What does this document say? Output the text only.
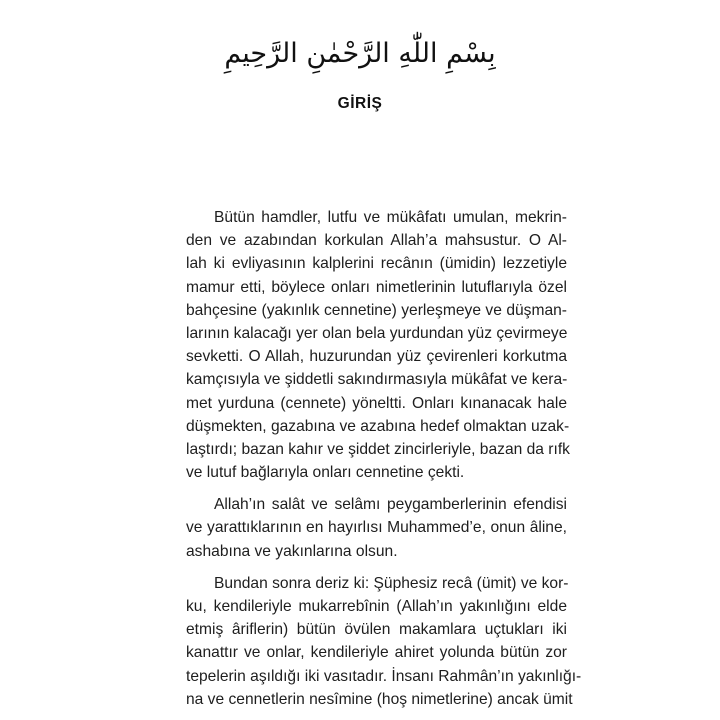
بِسْمِ اللّٰهِ الرَّحْمٰنِ الرَّحِيمِ
GİRİŞ

Bütün hamdler, lutfu ve mükâfatı umulan, mekrin-
den ve azabından korkulan Allah’a mahsustur. O Al-
lah ki evliyasının kalplerini recânın (ümidin) lezzetiyle
mamur etti, böylece onları nimetlerinin lutuflarıyla özel
bahçesine (yakınlık cennetine) yerleşmeye ve düşman-
larının kalacağı yer olan bela yurdundan yüz çevirmeye
sevketti. O Allah, huzurundan yüz çevirenleri korkutma
kamçısıyla ve şiddetli sakındırmasıyla mükâfat ve kera-
met yurduna (cennete) yöneltti. Onları kınanacak hale
düşmekten, gazabına ve azabına hedef olmaktan uzak-
laştırdı; bazan kahır ve şiddet zincirleriyle, bazan da rıfk
ve lutuf bağlarıyla onları cennetine çekti.

Allah’ın salât ve selâmı peygamberlerinin efendisi
ve yarattıklarının en hayırlısı Muhammed’e, onun âline,
ashabına ve yakınlarına olsun.

Bundan sonra deriz ki: Şüphesiz recâ (ümit) ve kor-
ku, kendileriyle mukarrebînin (Allah’ın yakınlığını elde
etmiş âriflerin) bütün övülen makamlara uçtukları iki
kanattır ve onlar, kendileriyle ahiret yolunda bütün zor
tepelerin aşıldığı iki vasıtadır. İnsanı Rahmân’ın yakınlığı-
na ve cennetlerin nesîmine (hoş nimetlerine) ancak ümit
